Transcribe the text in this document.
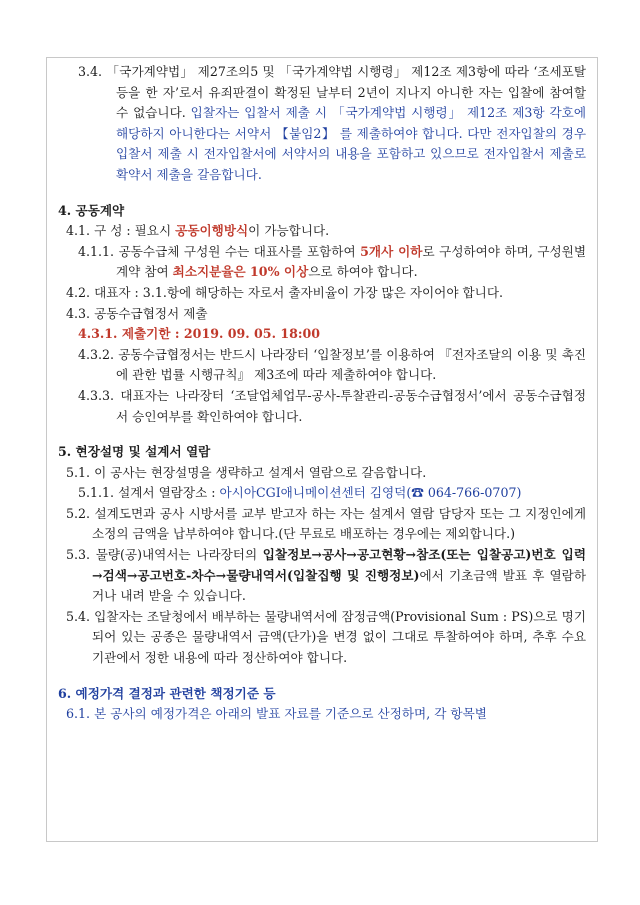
3.4. 「국가계약법」 제27조의5 및 「국가계약법 시행령」 제12조 제3항에 따라 ‘조세포탈 등을 한 자’로서 유죄판결이 확정된 날부터 2년이 지나지 아니한 자는 입찰에 참여할 수 없습니다. 입찰자는 입찰서 제출 시 「국가계약법 시행령」 제12조 제3항 각호에 해당하지 아니한다는 서약서 【붙임2】 를 제출하여야 합니다. 다만 전자입찰의 경우 입찰서 제출 시 전자입찰서에 서약서의 내용을 포함하고 있으므로 전자입찰서 제출로 확약서 제출을 갈음합니다.
4. 공동계약
4.1. 구 성 : 필요시 공동이행방식이 가능합니다.
4.1.1. 공동수급체 구성원 수는 대표사를 포함하여 5개사 이하로 구성하여야 하며, 구성원별 계약 참여 최소지분율은 10% 이상으로 하여야 합니다.
4.2. 대표자 : 3.1.항에 해당하는 자로서 출자비율이 가장 많은 자이어야 합니다.
4.3. 공동수급협정서 제출
4.3.1. 제출기한 : 2019. 09. 05. 18:00
4.3.2. 공동수급협정서는 반드시 나라장터 ‘입찰정보’를 이용하여 『전자조달의 이용 및 촉진에 관한 법률 시행규칙』 제3조에 따라 제출하여야 합니다.
4.3.3. 대표자는 나라장터 ‘조달업체업무-공사-투찰관리-공동수급협정서’에서 공동수급협정서 승인여부를 확인하여야 합니다.
5. 현장설명 및 설계서 열람
5.1. 이 공사는 현장설명을 생략하고 설계서 열람으로 갈음합니다.
5.1.1. 설계서 열람장소 : 아시아CGI애니메이션센터 김영덕(☎ 064-766-0707)
5.2. 설계도면과 공사 시방서를 교부 받고자 하는 자는 설계서 열람 담당자 또는 그 지정인에게 소정의 금액을 납부하여야 합니다.(단 무료로 배포하는 경우에는 제외합니다.)
5.3. 물량(공)내역서는 나라장터의 입찰정보→공사→공고현황→참조(또는 입찰공고)번호 입력→검색→공고번호-차수→물량내역서(입찰집행 및 진행정보)에서 기초금액 발표 후 열람하거나 내려 받을 수 있습니다.
5.4. 입찰자는 조달청에서 배부하는 물량내역서에 잠정금액(Provisional Sum : PS)으로 명기되어 있는 공종은 물량내역서 금액(단가)을 변경 없이 그대로 투찰하여야 하며, 추후 수요기관에서 정한 내용에 따라 정산하여야 합니다.
6. 예정가격 결정과 관련한 책정기준 등
6.1. 본 공사의 예정가격은 아래의 발표 자료를 기준으로 산정하며, 각 항목별
